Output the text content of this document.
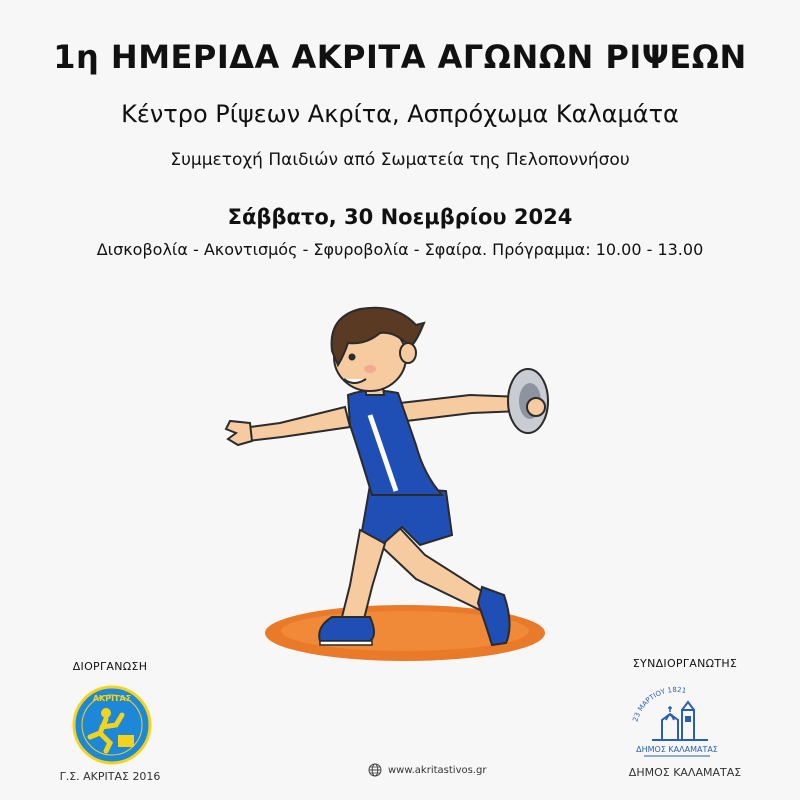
1η ΗΜΕΡΙΔΑ ΑΚΡΙΤΑ ΑΓΩΝΩΝ ΡΙΨΕΩΝ
Κέντρο Ρίψεων Ακρίτα, Ασπρόχωμα Καλαμάτα
Συμμετοχή Παιδιών από Σωματεία της Πελοποννήσου
Σάββατο, 30 Νοεμβρίου 2024
Δισκοβολία - Ακοντισμός - Σφυροβολία - Σφαίρα. Πρόγραμμα: 10.00 - 13.00
ΔΙΟΡΓΑΝΩΣΗ
ΑΚΡΙΤΑΣ
Γ.Σ. ΑΚΡΙΤΑΣ 2016	www.akritastivos.gr
ΣΥΝΔΙΟΡΓΑΝΩΤΗΣ
23 ΜΑΡΤΙΟΥ 1821
ΔΗΜΟΣ ΚΑΛΑΜΑΤΑΣ
ΔΗΜΟΣ ΚΑΛΑΜΑΤΑΣ
